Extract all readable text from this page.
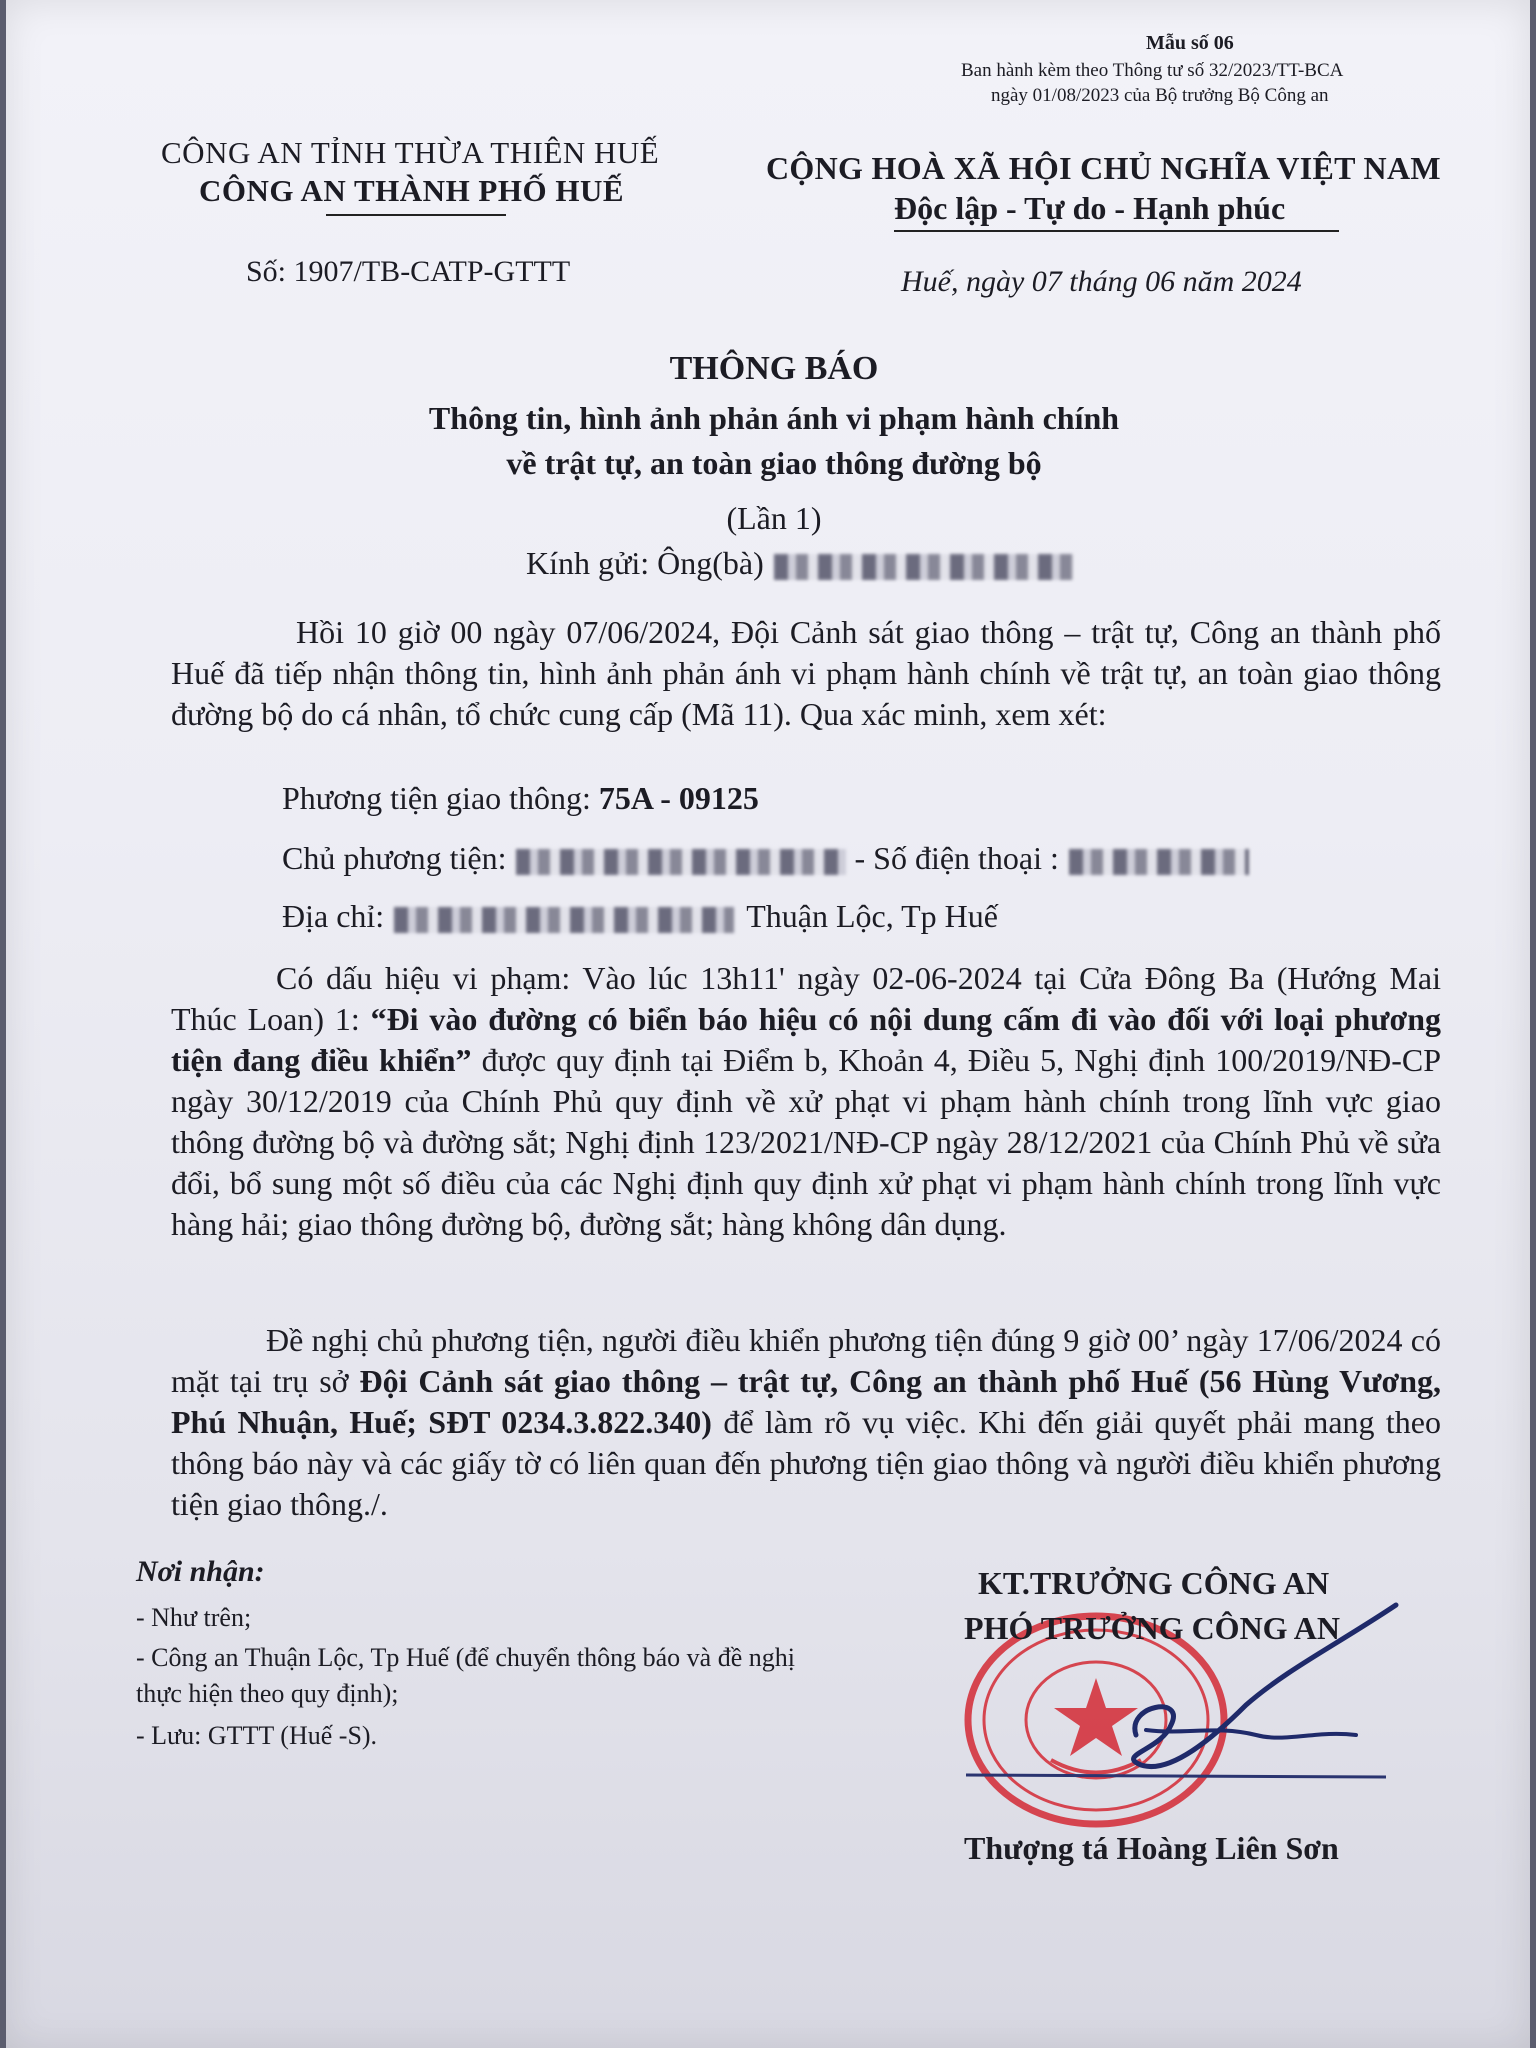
Mẫu số 06
Ban hành kèm theo Thông tư số 32/2023/TT-BCA
ngày 01/08/2023 của Bộ trưởng Bộ Công an
CÔNG AN TỈNH THỪA THIÊN HUẾ
CÔNG AN THÀNH PHỐ HUẾ
CỘNG HOÀ XÃ HỘI CHỦ NGHĨA VIỆT NAM
Độc lập - Tự do - Hạnh phúc
Số: 1907/TB-CATP-GTTT	Huế, ngày 07 tháng 06 năm 2024
THÔNG BÁO
Thông tin, hình ảnh phản ánh vi phạm hành chính
về trật tự, an toàn giao thông đường bộ
(Lần 1)
Kính gửi: Ông(bà)
Hồi 10 giờ 00 ngày 07/06/2024, Đội Cảnh sát giao thông – trật tự, Công an thành phố Huế đã tiếp nhận thông tin, hình ảnh phản ánh vi phạm hành chính về trật tự, an toàn giao thông đường bộ do cá nhân, tổ chức cung cấp (Mã 11). Qua xác minh, xem xét:
Phương tiện giao thông: 75A - 09125
Chủ phương tiện:	- Số điện thoại :
Địa chỉ:	Thuận Lộc, Tp Huế
Có dấu hiệu vi phạm: Vào lúc 13h11' ngày 02-06-2024 tại Cửa Đông Ba (Hướng Mai Thúc Loan) 1: “Đi vào đường có biển báo hiệu có nội dung cấm đi vào đối với loại phương tiện đang điều khiển” được quy định tại Điểm b, Khoản 4, Điều 5, Nghị định 100/2019/NĐ-CP ngày 30/12/2019 của Chính Phủ quy định về xử phạt vi phạm hành chính trong lĩnh vực giao thông đường bộ và đường sắt; Nghị định 123/2021/NĐ-CP ngày 28/12/2021 của Chính Phủ về sửa đổi, bổ sung một số điều của các Nghị định quy định xử phạt vi phạm hành chính trong lĩnh vực hàng hải; giao thông đường bộ, đường sắt; hàng không dân dụng.
Đề nghị chủ phương tiện, người điều khiển phương tiện đúng 9 giờ 00’ ngày 17/06/2024 có mặt tại trụ sở Đội Cảnh sát giao thông – trật tự, Công an thành phố Huế (56 Hùng Vương, Phú Nhuận, Huế; SĐT 0234.3.822.340) để làm rõ vụ việc. Khi đến giải quyết phải mang theo thông báo này và các giấy tờ có liên quan đến phương tiện giao thông và người điều khiển phương tiện giao thông./.
Nơi nhận:
- Như trên;
- Công an Thuận Lộc, Tp Huế (để chuyển thông báo và đề nghị thực hiện theo quy định);
- Lưu: GTTT (Huế -S).
KT.TRƯỞNG CÔNG AN
PHÓ TRƯỞNG CÔNG AN
Thượng tá Hoàng Liên Sơn
